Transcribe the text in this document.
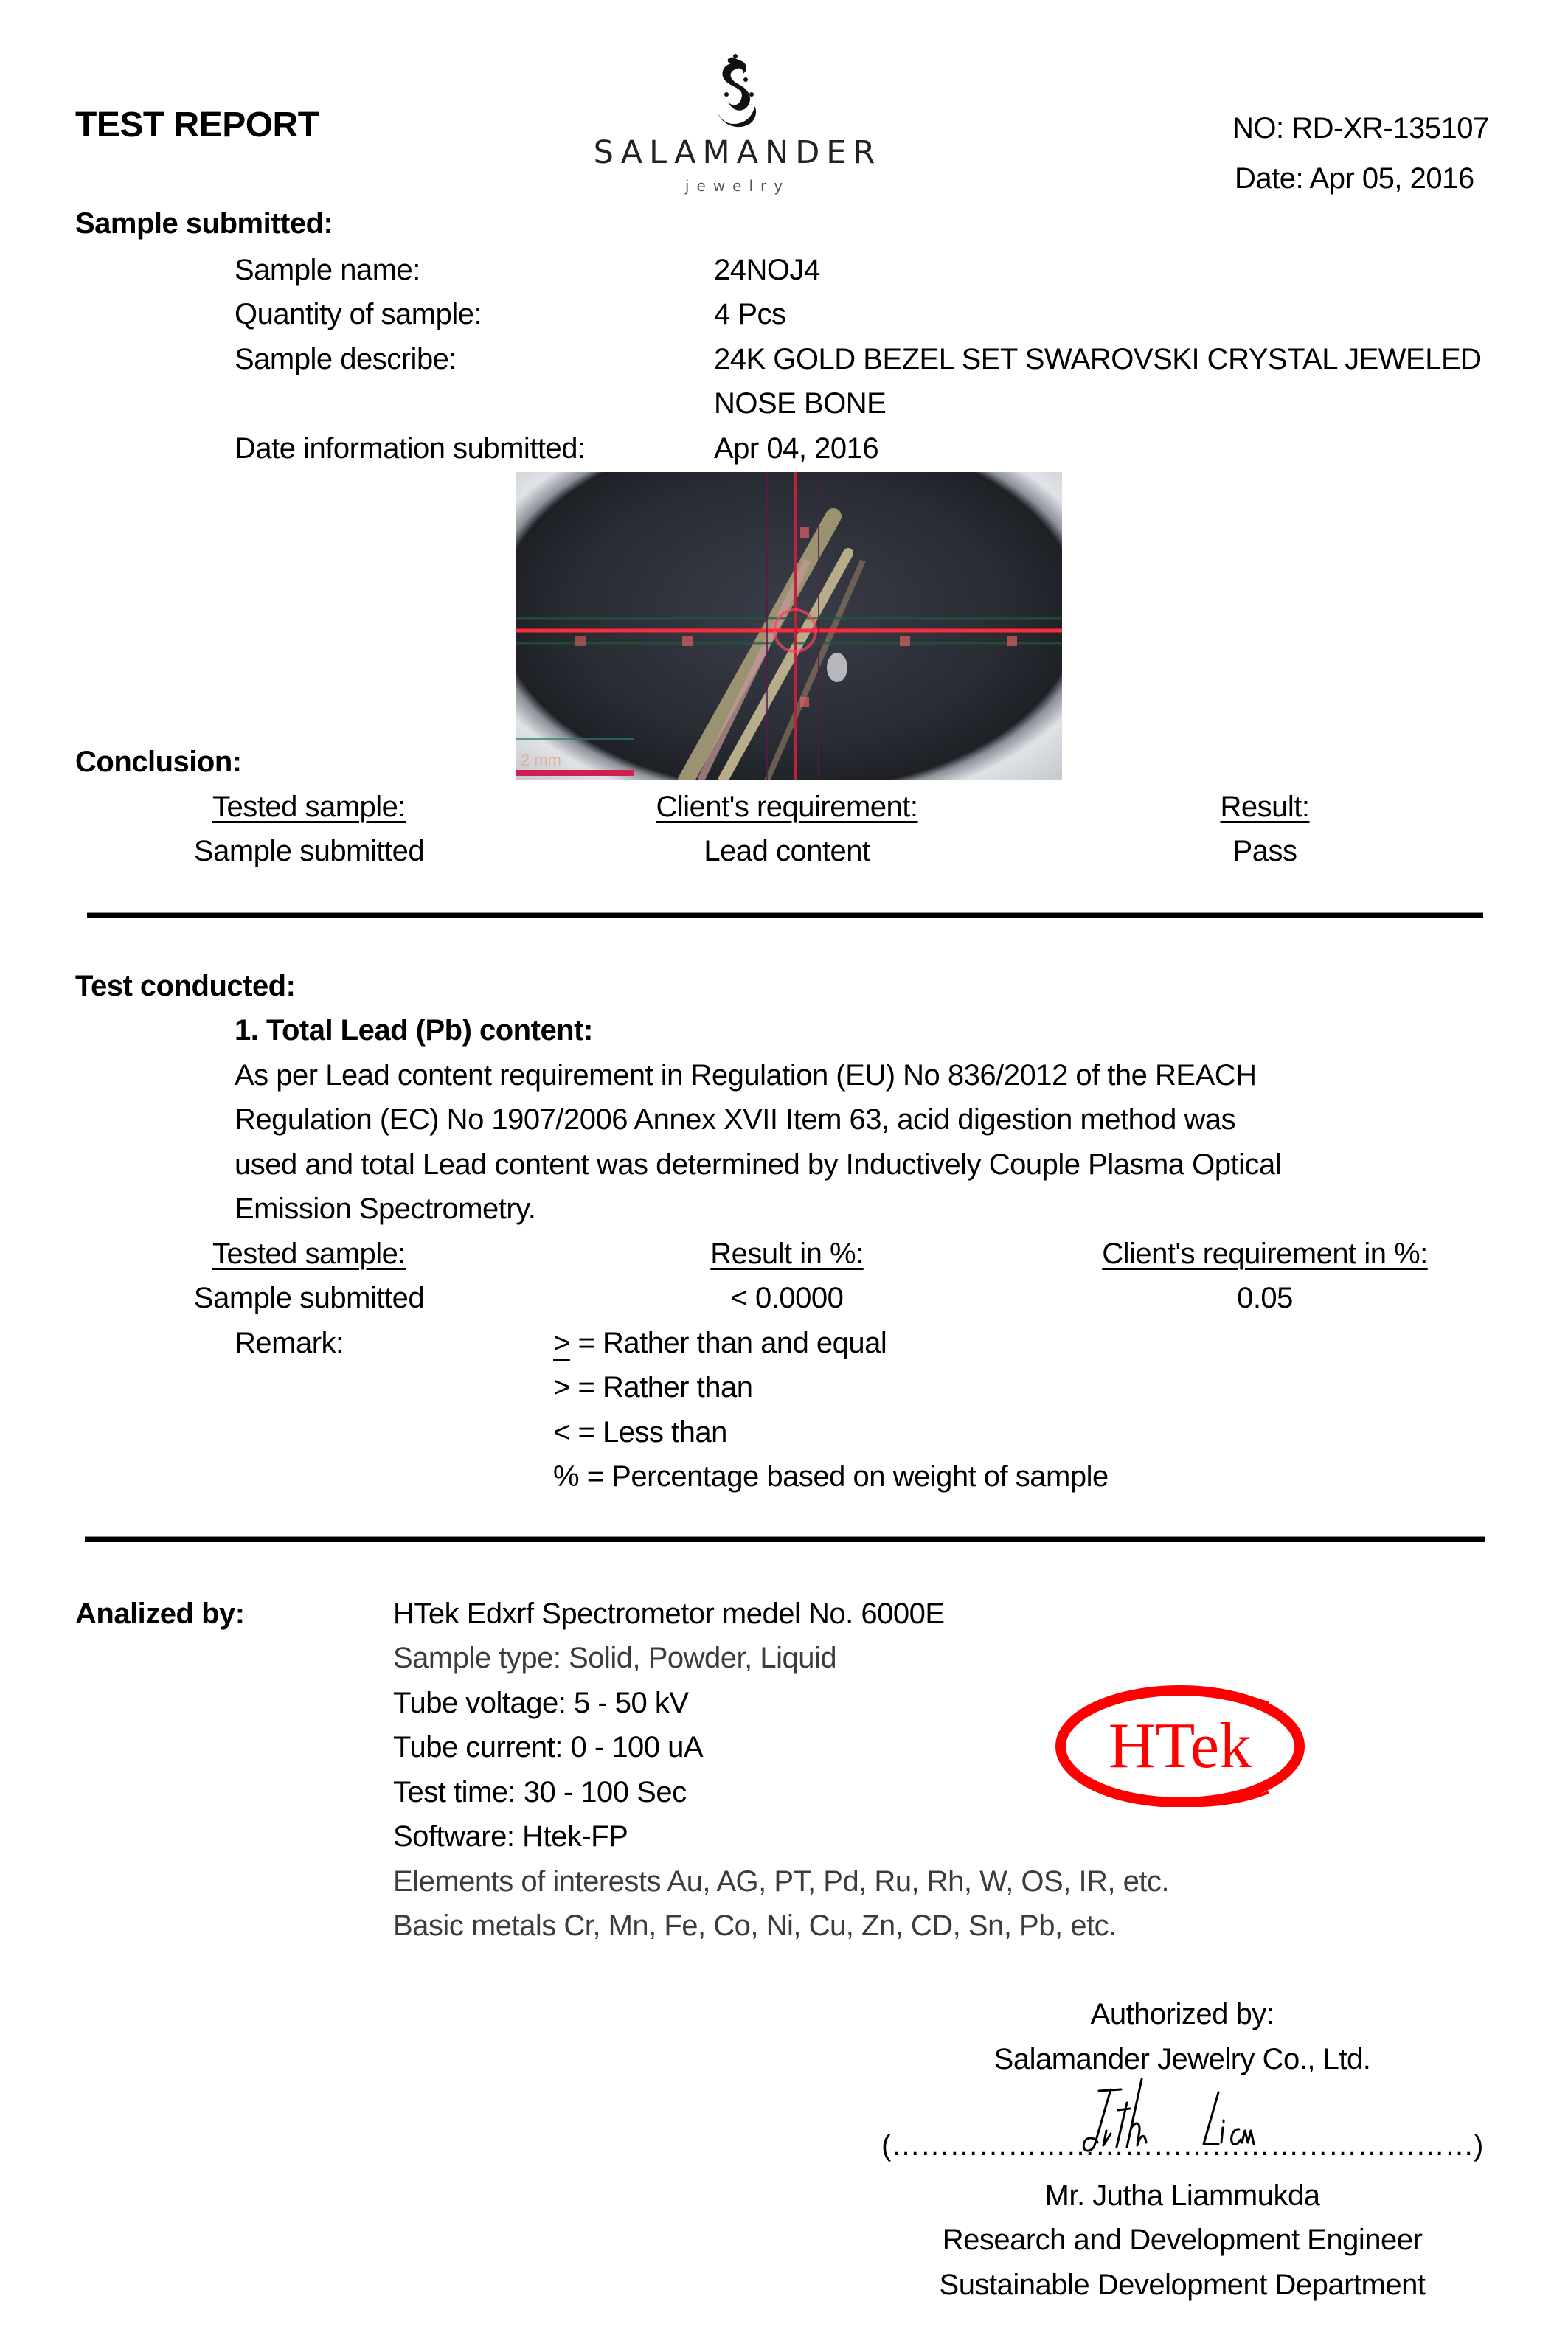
TEST REPORT
SALAMANDER
jewelry
NO: RD-XR-135107
Date: Apr 05, 2016
Sample submitted:
Sample name:	24NOJ4
Quantity of sample:	4 Pcs
Sample describe:	24K GOLD BEZEL SET SWAROVSKI CRYSTAL JEWELED
NOSE BONE
Date information submitted:	Apr 04, 2016
2 mm
Conclusion:
Tested sample:	Client's requirement:	Result:
Sample submitted	Lead content	Pass
Test conducted:
1. Total Lead (Pb) content:
As per Lead content requirement in Regulation (EU) No 836/2012 of the REACH
Regulation (EC) No 1907/2006 Annex XVII Item 63, acid digestion method was
used and total Lead content was determined by Inductively Couple Plasma Optical
Emission Spectrometry.
Tested sample:	Result in %:	Client's requirement in %:
Sample submitted	< 0.0000	0.05
Remark:	> = Rather than and equal
> = Rather than
< = Less than
% = Percentage based on weight of sample
Analized by:	HTek Edxrf Spectrometor medel No. 6000E
Sample type: Solid, Powder, Liquid
Tube voltage: 5 - 50 kV
Tube current: 0 - 100 uA
Test time: 30 - 100 Sec
Software: Htek-FP
Elements of interests Au, AG, PT, Pd, Ru, Rh, W, OS, IR, etc.
Basic metals Cr, Mn, Fe, Co, Ni, Cu, Zn, CD, Sn, Pb, etc.
HTek
Authorized by:
Salamander Jewelry Co., Ltd.
(……………………………………………………)
Mr. Jutha Liammukda
Research and Development Engineer
Sustainable Development Department
